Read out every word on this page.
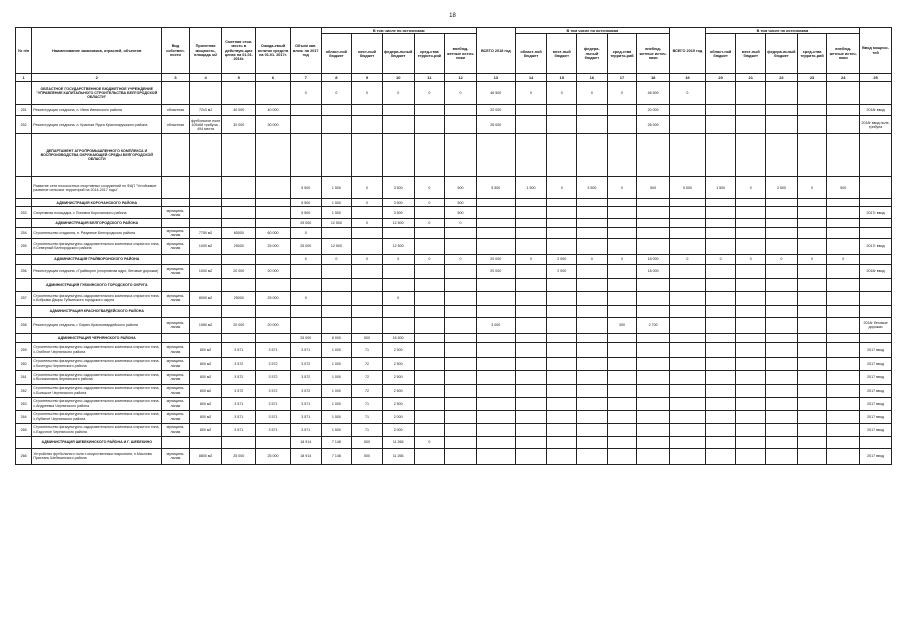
18
№ п/п	Наименование заказчиков, отраслей, объектов	Вид собствен-ности	Проектная мощность, площадь м2	Сметная стои-мость в действую-щих ценах на 01.01. 2016г.	Ожида-емый остаток средств на 01.01. 2017г.	Объем кап. влож. на 2017 год	В том числе по источникам					ВСЕГО 2018 год	В том числе по источникам					ВСЕГО 2019 год	В том числе по источникам					Ввод мощнос-тей
							област-ной бюджет	мест-ный бюджет	федера-льный бюджет	сред-ства террито-рий	внебюд-жетные источ-ники		област-ной бюджет	мест-ный бюджет	федера-льный бюджет	сред-ства террито-рий	внебюд-жетные источ-ники		област-ной бюджет	мест-ный бюджет	федера-льный бюджет	сред-ства террито-рий	внебюд-жетные источ-ники	
1	2	3	4	5	6	7	8	9	10	11	12	13	14	15	16	17	18	19	20	21	22	23	24	25
	ОБЛАСТНОЕ ГОСУДАРСТВЕННОЕ БЮДЖЕТНОЕ УЧРЕЖДЕНИЕ "УПРАВЛЕНИЕ КАПИТАЛЬНОГО СТРОИТЕЛЬСТВА БЕЛГОРОДСКОЙ ОБЛАСТИ"					0	0	0	0	0	0	46 500	0	0	0	0	46 500	0						
251	Реконструкция стадиона, п. Ивня Ивнянского района	областная	72х3 м2	40 000	40 000							20 000					20 000							2018г ввод
252	Реконструкция стадиона, п. Красная Яруга Краснояружского района	областная	футбольное поле 105х68 трибуна - 494 места	30 000	30 000							26 000					26 000							2018г ввод поле, трибуна
	ДЕПАРТАМЕНТ АГРОПРОМЫШЛЕННОГО КОМПЛЕКСА И ВОСПРОИЗВОДСТВА ОКРУЖАЮЩЕЙ СРЕДЫ БЕЛГОРОДСКОЙ ОБЛАСТИ																							
	Развитие сети плоскостных спортивных сооружений по ФЦП "Устойчивое развитие сельских территорий на 2014-2017 годы"					5 500	1 500	0	3 500	0	500	5 500	1 500	0	3 500	0	500	5 500	1 500	0	3 500	0	500	
	АДМИНИСТРАЦИЯ КОРОЧАНСКОГО РАЙОНА					5 500	1 500	0	3 500	0	500													
253	Спортивная площадка, с Поповка Корочанского района	муниципа-льная				5 500	1 500		3 500		500													2017г ввод
	АДМИНИСТРАЦИЯ БЕЛГОРОДСКОГО РАЙОНА					25 000	12 500	0	12 500	0	0													
254	Строительство стадиона, п. Разумное Белгородского района	муниципа-льная	7750 м2	60000	60 000	0																		
255	Строительство физкультурно-оздоровительного комплекса открытого типа, п.Северный Белгородского района	муниципа-льная	1000 м2	25000	25 000	25 000	12 500		12 500															2017г ввод
	АДМИНИСТРАЦИЯ ГРАЙВОРОНСКОГО РАЙОНА					0	0	0	0	0	0	20 000	0	2 000	0	0	18 000	0	0	0	0	0	0	
256	Реконструкция стадиона, г.Грайворон (спортивная ядро, беговые дорожки)	муниципа-льная	1000 м2	20 000	20 000							20 000		2 000			18 000							2018г ввод
	АДМИНИСТРАЦИЯ ГУБКИНСКОГО ГОРОДСКОГО ОКРУГА																							
257	Строительство физкультурно-оздоровительного комплекса открытого типа, с.Бобровы Дворы Губкинского городского округа	муниципа-льная	8000 м2	25000	25 000	0			0															
	АДМИНИСТРАЦИЯ КРАСНОГВАРДЕЙСКОГО РАЙОНА																							
258	Реконструкция стадиона, г. Бирюч Красногвардейского района	муниципа-льная	1080 м2	20 000	20 000							3 000				300	2 700							2018г беговые дорожки
	АДМИНИСТРАЦИЯ ЧЕРНЯНСКОГО РАЙОНА					25 000	8 000	500	16 500															
259	Строительство физкультурно-оздоровительного комплекса открытого типа, с.Огибное Чернянского района	муниципа-льная	800 м2	3 571	3 571	3 571	1 000	71	2 500															2017 ввод
260	Строительство физкультурно-оздоровительного комплекса открытого типа, с.Кочегуры Чернянского района	муниципа-льная	800 м2	3 572	3 572	3 572	1 000	72	2 500															2017 ввод
261	Строительство физкультурно-оздоровительного комплекса открытого типа, с.Волоконовка Чернянского района	муниципа-льная	800 м2	3 572	3 572	3 572	1 000	72	2 500															2017 ввод
262	Строительство физкультурно-оздоровительного комплекса открытого типа, с.Большое Чернянского района	муниципа-льная	800 м2	3 572	3 572	3 572	1 000	72	2 500															2017 ввод
263	Строительство физкультурно-оздоровительного комплекса открытого типа, с.Андреевка Чернянского района	муниципа-льная	800 м2	3 571	3 571	3 571	1 000	71	2 500															2017 ввод
264	Строительство физкультурно-оздоровительного комплекса открытого типа, с.Лубяное Чернянского района	муниципа-льная	800 м2	3 571	3 571	3 571	1 500	71	2 000															2017 ввод
265	Строительство физкультурно-оздоровительного комплекса открытого типа, с.Ездочное Чернянского района	муниципа-льная	800 м2	3 571	3 571	3 571	1 500	71	2 000															2017 ввод
	АДМИНИСТРАЦИЯ ШЕБЕКИНСКОГО РАЙОНА И Г. ШЕБЕКИНО					18 914	7 148	500	11 266	0														
266	Устройство футбольного поля с искусственным покрытием, п.Маслова Пристань Шебекинского района	муниципа-льная	8800 м2	25 000	25 000	18 914	7 148	500	11 266															2017 ввод
